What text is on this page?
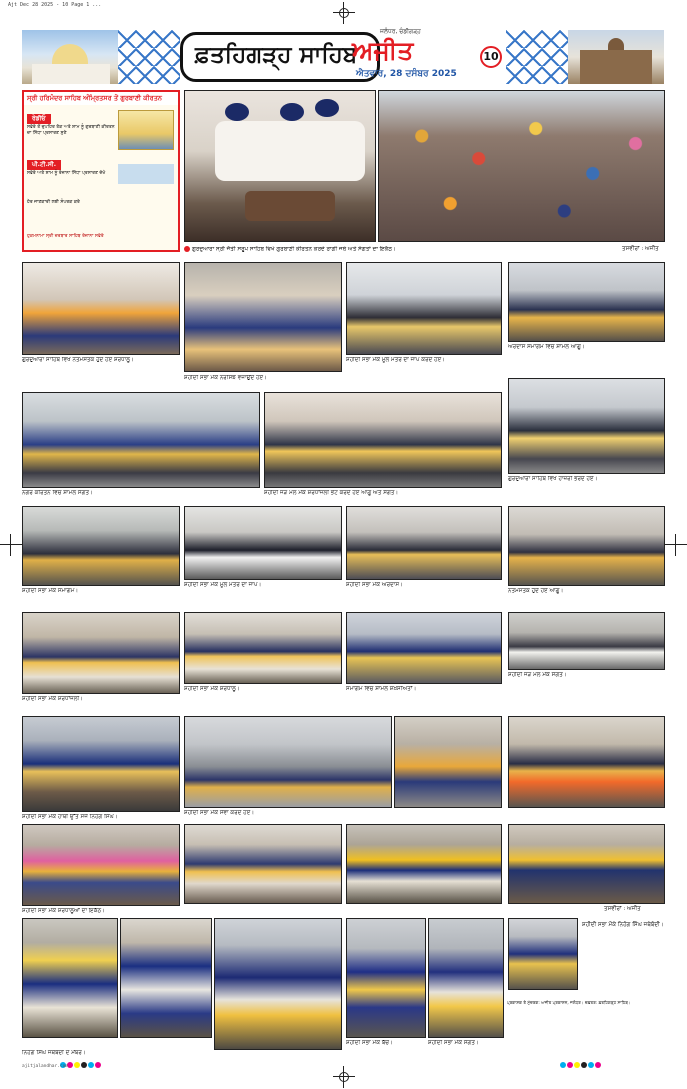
Ajt Dec 28 2025 - 10 Page 1 ...
ਫ਼ਤਹਿਗੜ੍ਹ ਸਾਹਿਬ
ਜਲੰਧਰ, ਚੰਡੀਗੜ੍ਹ
ਅਜੀਤ
ਐਤਵਾਰ, 28 ਦਸੰਬਰ 2025
10
ਸ੍ਰੀ ਹਰਿਮੰਦਰ ਸਾਹਿਬ ਅੰਮ੍ਰਿਤਸਰ ਤੋਂ ਗੁਰਬਾਣੀ ਕੀਰਤਨ
ਰੇਡੀਓ
ਸਵੇਰੇ ਤੋਂ ਦੁਪਹਿਰ ਤੱਕ ਅਤੇ ਸ਼ਾਮ ਨੂੰ ਗੁਰਬਾਣੀ ਕੀਰਤਨ ਦਾ ਸਿੱਧਾ ਪ੍ਰਸਾਰਣ ਸੁਣੋ
ਪੀ.ਟੀ.ਸੀ.
ਸਵੇਰੇ ਅਤੇ ਸ਼ਾਮ ਨੂੰ ਰੋਜ਼ਾਨਾ ਸਿੱਧਾ ਪ੍ਰਸਾਰਣ ਦੇਖੋ

ਹੋਰ ਜਾਣਕਾਰੀ ਲਈ ਸੰਪਰਕ ਕਰੋ

ਹੁਕਮਨਾਮਾ ਸ੍ਰੀ ਦਰਬਾਰ ਸਾਹਿਬ ਰੋਜ਼ਾਨਾ ਸਵੇਰੇ
ਗੁਰਦੁਆਰਾ ਸ੍ਰੀ ਜੋਤੀ ਸਰੂਪ ਸਾਹਿਬ ਵਿਖੇ ਗੁਰਬਾਣੀ ਕੀਰਤਨ ਕਰਦੇ ਰਾਗੀ ਜਥੇ ਅਤੇ ਸੰਗਤਾਂ ਦਾ ਇਕੱਠ।	ਤਸਵੀਰਾਂ : ਅਜੀਤ
ਗੁਰਦੁਆਰਾ ਸਾਹਿਬ ਵਿਖੇ ਨਤਮਸਤਕ ਹੁੰਦੇ ਹੋਏ ਸ਼ਰਧਾਲੂ।
ਸ਼ਹੀਦੀ ਸਭਾ ਮੌਕੇ ਨਰਸਿੰਙੇ ਵਜਾਉਂਦੇ ਹੋਏ।
ਸ਼ਹੀਦੀ ਸਭਾ ਮੌਕੇ ਮੂਲ ਮੰਤਰ ਦਾ ਜਾਪ ਕਰਦੇ ਹੋਏ।
ਅਰਦਾਸ ਸਮਾਗਮ ਵਿਚ ਸ਼ਾਮਲ ਆਗੂ।
ਨਗਰ ਕੀਰਤਨ ਵਿਚ ਸ਼ਾਮਲ ਸੰਗਤ।	ਸ਼ਹੀਦੀ ਜੋੜ ਮੇਲ ਮੌਕੇ ਸ਼ਰਧਾਂਜਲੀ ਭੇਟ ਕਰਦੇ ਹੋਏ ਆਗੂ ਅਤੇ ਸੰਗਤ।
ਗੁਰਦੁਆਰਾ ਸਾਹਿਬ ਵਿਖੇ ਹਾਜ਼ਰੀ ਭਰਦੇ ਹੋਏ।
ਸ਼ਹੀਦੀ ਸਭਾ ਮੌਕੇ ਸਮਾਗਮ।
ਸ਼ਹੀਦੀ ਸਭਾ ਮੌਕੇ ਮੂਲ ਮੰਤਰ ਦਾ ਜਾਪ।	ਸ਼ਹੀਦੀ ਸਭਾ ਮੌਕੇ ਅਰਦਾਸ।
ਨਤਮਸਤਕ ਹੁੰਦੇ ਹੋਏ ਆਗੂ।
ਸ਼ਹੀਦੀ ਸਭਾ ਮੌਕੇ ਸ਼ਰਧਾਂਜਲੀ।
ਸ਼ਹੀਦੀ ਸਭਾ ਮੌਕੇ ਸ਼ਰਧਾਲੂ।	ਸਮਾਗਮ ਵਿਚ ਸ਼ਾਮਲ ਸ਼ਖ਼ਸੀਅਤਾਂ।
ਸ਼ਹੀਦੀ ਜੋੜ ਮੇਲ ਮੌਕੇ ਸੰਗਤ।
ਸ਼ਹੀਦੀ ਸਭਾ ਮੌਕੇ ਹਾਥੀ ਉੱਤੇ ਸਜੇ ਨਿਹੰਗ ਸਿੰਘ।
ਸ਼ਹੀਦੀ ਸਭਾ ਮੌਕੇ ਸੇਵਾ ਕਰਦੇ ਹੋਏ।
ਸ਼ਹੀਦੀ ਸਭਾ ਮੌਕੇ ਸ਼ਰਧਾਲੂਆਂ ਦਾ ਇਕੱਠ।	ਤਸਵੀਰਾਂ : ਅਜੀਤ
ਸ਼ਹੀਦੀ ਸਭਾ ਮੌਕੇ ਨਿਹੰਗ ਸਿੰਘ ਜਥੇਬੰਦੀ।
ਨਿਹੰਗ ਸਿੰਘ ਜਥੇਬੰਦੀ ਦੇ ਮੈਂਬਰ।
ਸ਼ਹੀਦੀ ਸਭਾ ਮੌਕੇ ਬੱਚੇ।	ਸ਼ਹੀਦੀ ਸਭਾ ਮੌਕੇ ਸੰਗਤ।
ਪ੍ਰਕਾਸ਼ਕ ਤੇ ਮੁੱਦਰਕ: ਅਜੀਤ ਪ੍ਰਕਾਸ਼ਨ, ਜਲੰਧਰ। ਦਫ਼ਤਰ: ਫ਼ਤਹਿਗੜ੍ਹ ਸਾਹਿਬ।
ajitjalandhar.com
